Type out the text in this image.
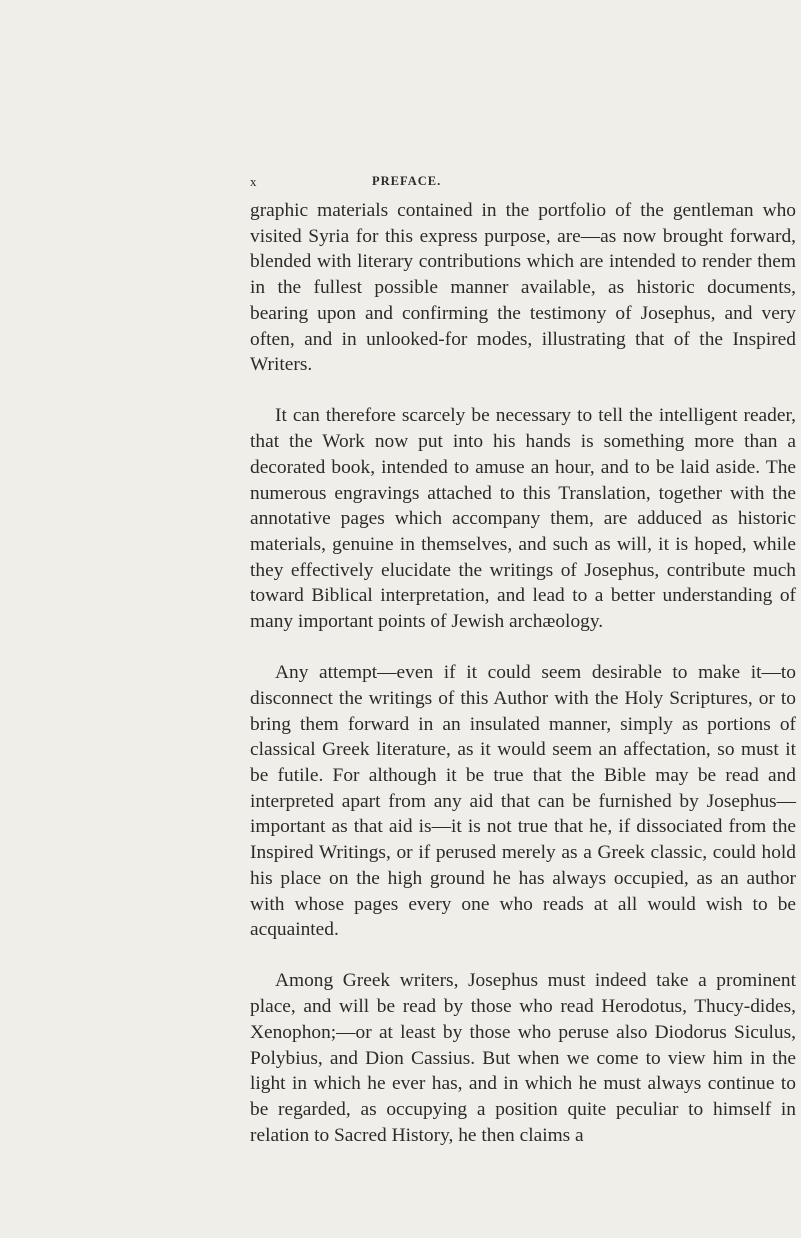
x	PREFACE.

graphic materials contained in the portfolio of the gentleman who visited Syria for this express purpose, are—as now brought forward, blended with literary contributions which are intended to render them in the fullest possible manner available, as historic documents, bearing upon and confirming the testimony of Josephus, and very often, and in unlooked-for modes, illustrating that of the Inspired Writers.

It can therefore scarcely be necessary to tell the intelligent reader, that the Work now put into his hands is something more than a decorated book, intended to amuse an hour, and to be laid aside. The numerous engravings attached to this Translation, together with the annotative pages which accompany them, are adduced as historic materials, genuine in themselves, and such as will, it is hoped, while they effectively elucidate the writings of Josephus, contribute much toward Biblical interpretation, and lead to a better understanding of many important points of Jewish archæology.

Any attempt—even if it could seem desirable to make it—to disconnect the writings of this Author with the Holy Scriptures, or to bring them forward in an insulated manner, simply as portions of classical Greek literature, as it would seem an affectation, so must it be futile. For although it be true that the Bible may be read and interpreted apart from any aid that can be furnished by Josephus— important as that aid is—it is not true that he, if dissociated from the Inspired Writings, or if perused merely as a Greek classic, could hold his place on the high ground he has always occupied, as an author with whose pages every one who reads at all would wish to be acquainted.

Among Greek writers, Josephus must indeed take a prominent place, and will be read by those who read Herodotus, Thucy-dides, Xenophon;—or at least by those who peruse also Diodorus Siculus, Polybius, and Dion Cassius. But when we come to view him in the light in which he ever has, and in which he must always continue to be regarded, as occupying a position quite peculiar to himself in relation to Sacred History, he then claims a
